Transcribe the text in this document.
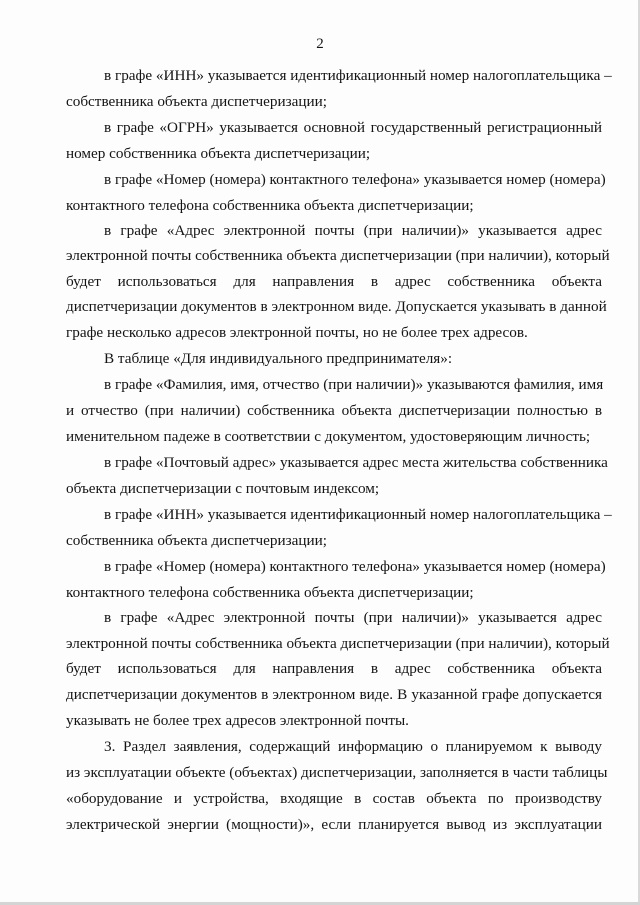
2
в графе «ИНН» указывается идентификационный номер налогоплательщика –
собственника объекта диспетчеризации;
в графе «ОГРН» указывается основной государственный регистрационный
номер собственника объекта диспетчеризации;
в графе «Номер (номера) контактного телефона» указывается номер (номера)
контактного телефона собственника объекта диспетчеризации;
в графе «Адрес электронной почты (при наличии)» указывается адрес
электронной почты собственника объекта диспетчеризации (при наличии), который
будет использоваться для направления в адрес собственника объекта
диспетчеризации документов в электронном виде. Допускается указывать в данной
графе несколько адресов электронной почты, но не более трех адресов.
В таблице «Для индивидуального предпринимателя»:
в графе «Фамилия, имя, отчество (при наличии)» указываются фамилия, имя
и отчество (при наличии) собственника объекта диспетчеризации полностью в
именительном падеже в соответствии с документом, удостоверяющим личность;
в графе «Почтовый адрес» указывается адрес места жительства собственника
объекта диспетчеризации с почтовым индексом;
в графе «ИНН» указывается идентификационный номер налогоплательщика –
собственника объекта диспетчеризации;
в графе «Номер (номера) контактного телефона» указывается номер (номера)
контактного телефона собственника объекта диспетчеризации;
в графе «Адрес электронной почты (при наличии)» указывается адрес
электронной почты собственника объекта диспетчеризации (при наличии), который
будет использоваться для направления в адрес собственника объекта
диспетчеризации документов в электронном виде. В указанной графе допускается
указывать не более трех адресов электронной почты.
3. Раздел заявления, содержащий информацию о планируемом к выводу
из эксплуатации объекте (объектах) диспетчеризации, заполняется в части таблицы
«оборудование и устройства, входящие в состав объекта по производству
электрической энергии (мощности)», если планируется вывод из эксплуатации
